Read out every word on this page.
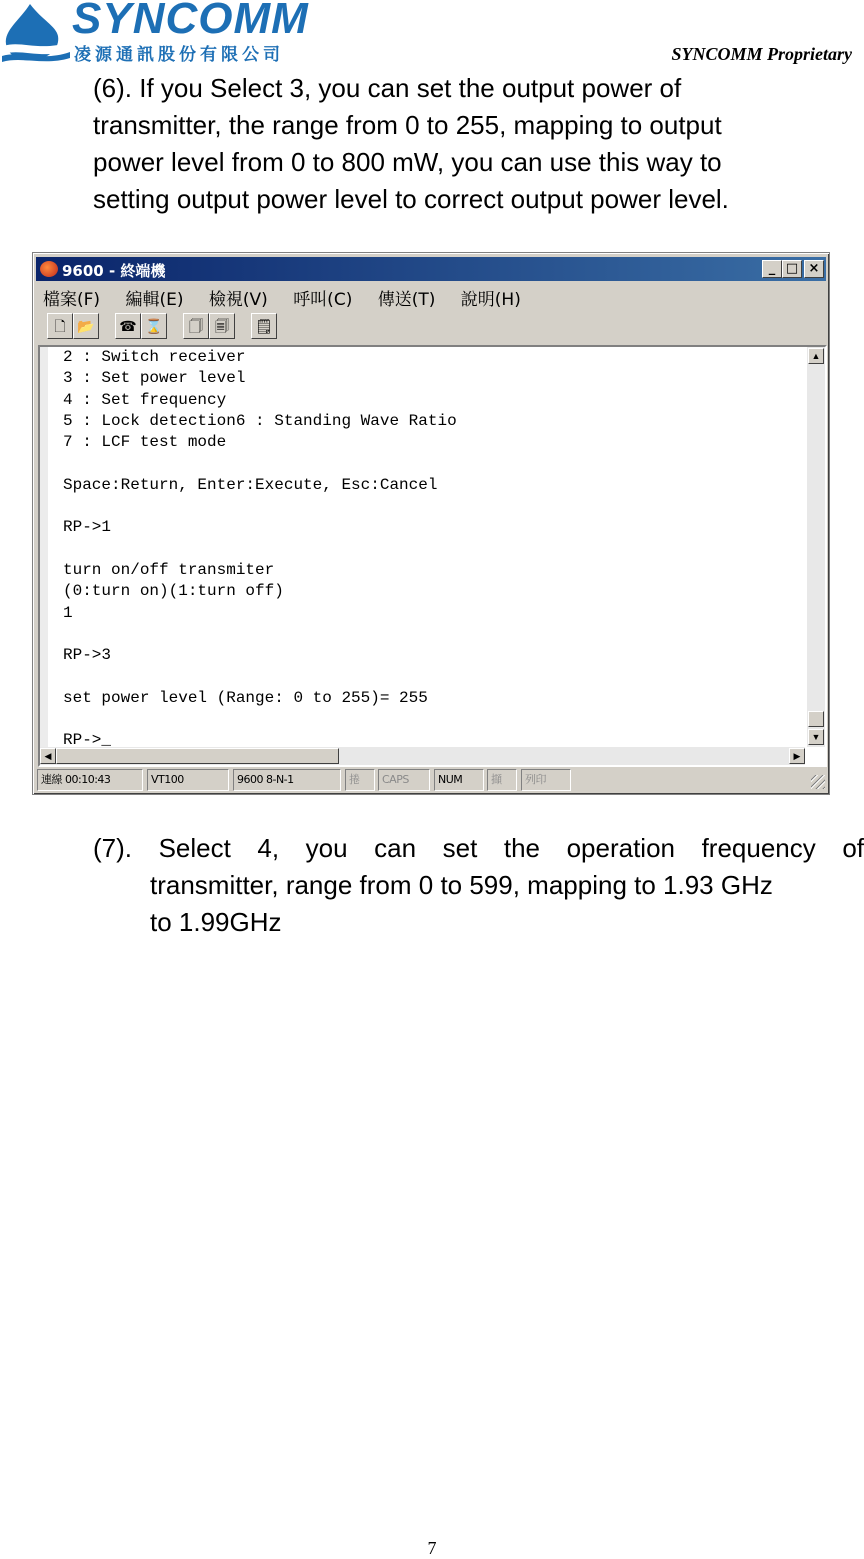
SYNCOMM
凌源通訊股份有限公司	SYNCOMM Proprietary
(6). If you Select 3, you can set the output power of
transmitter, the range from 0 to 255, mapping to output
power level from 0 to 800 mW, you can use this way to
setting output power level to correct output power level.
9600 - 終端機	_ □ ×
檔案(F) 編輯(E) 檢視(V) 呼叫(C) 傳送(T) 說明(H)
🗋 📂	☎ ⌛	🗍 🗐	🗒
2 : Switch receiver
3 : Set power level
4 : Set frequency
5 : Lock detection6 : Standing Wave Ratio
7 : LCF test mode

Space:Return, Enter:Execute, Esc:Cancel

RP->1

turn on/off transmiter
(0:turn on)(1:turn off)
1

RP->3

set power level (Range: 0 to 255)= 255

RP->_
▲
▼
◀	▶
連線 00:10:43	VT100	9600 8-N-1	捲	CAPS	NUM	擷	列印
(7). Select 4, you can set the operation frequency of
transmitter, range from 0 to 599, mapping to 1.93 GHz
to 1.99GHz
7
